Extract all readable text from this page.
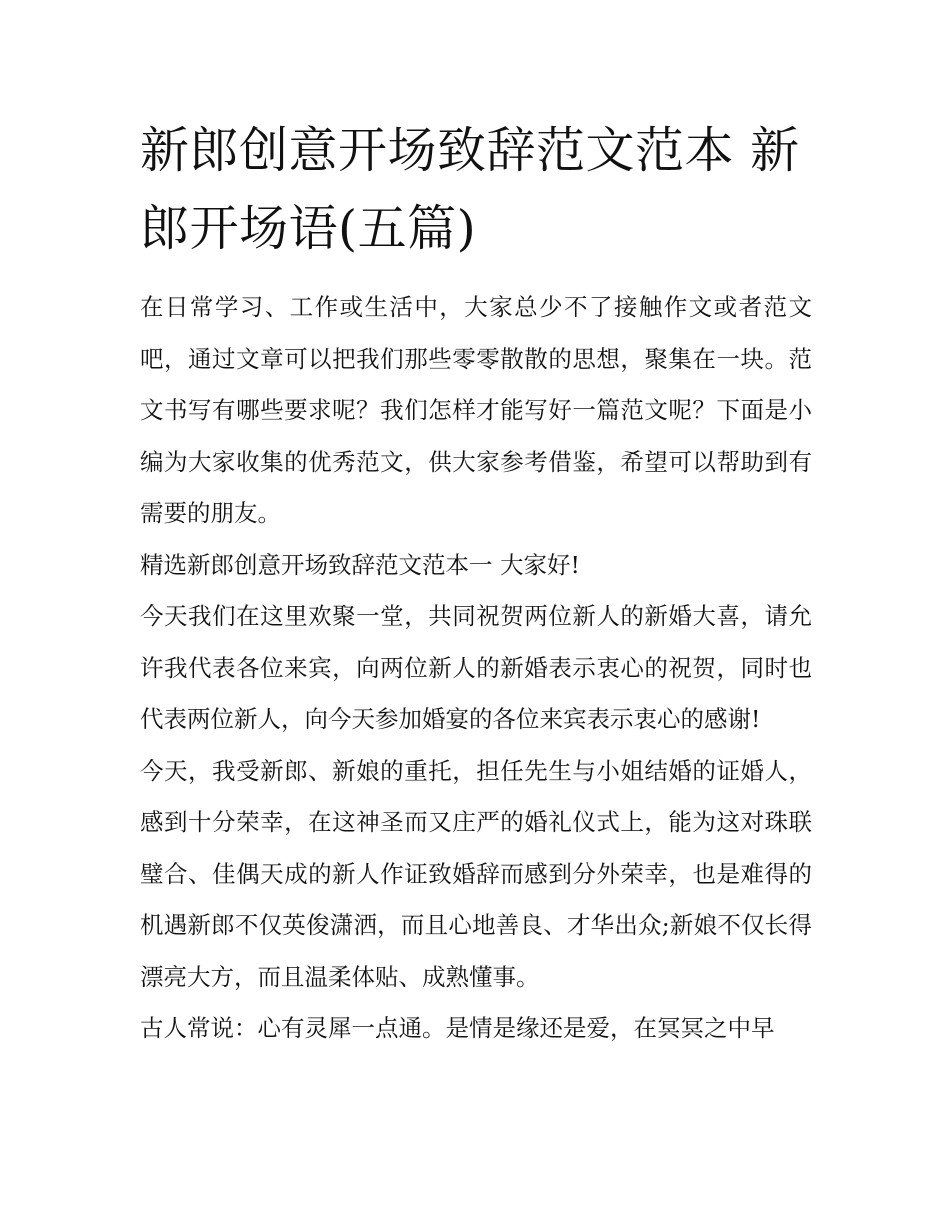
新郎创意开场致辞范文范本 新郎开场语(五篇)

在日常学习、工作或生活中，大家总少不了接触作文或者范文吧，通过文章可以把我们那些零零散散的思想，聚集在一块。范文书写有哪些要求呢？我们怎样才能写好一篇范文呢？下面是小编为大家收集的优秀范文，供大家参考借鉴，希望可以帮助到有需要的朋友。

精选新郎创意开场致辞范文范本一 大家好!

今天我们在这里欢聚一堂，共同祝贺两位新人的新婚大喜，请允许我代表各位来宾，向两位新人的新婚表示衷心的祝贺，同时也代表两位新人，向今天参加婚宴的各位来宾表示衷心的感谢!

今天，我受新郎、新娘的重托，担任先生与小姐结婚的证婚人，感到十分荣幸，在这神圣而又庄严的婚礼仪式上，能为这对珠联璧合、佳偶天成的新人作证致婚辞而感到分外荣幸，也是难得的机遇新郎不仅英俊潇洒，而且心地善良、才华出众;新娘不仅长得漂亮大方，而且温柔体贴、成熟懂事。

古人常说：心有灵犀一点通。是情是缘还是爱，在冥冥之中早
